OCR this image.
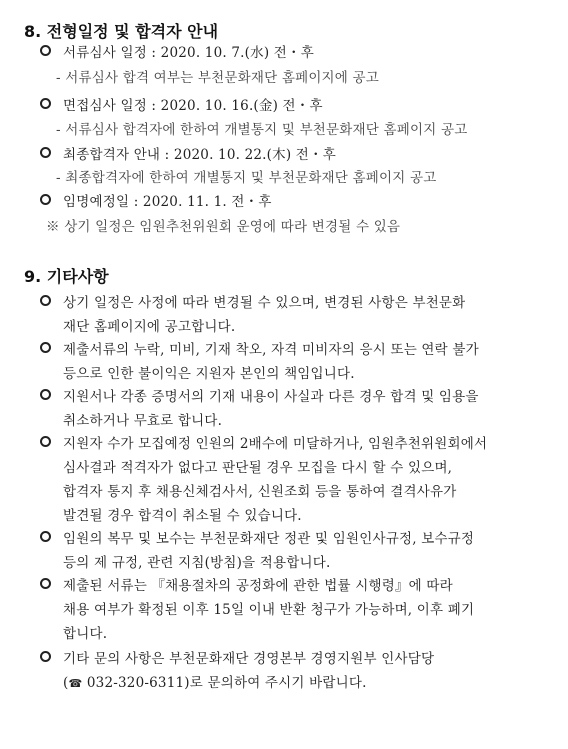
8. 전형일정 및 합격자 안내
서류심사 일정 : 2020. 10. 7.(水) 전・후
- 서류심사 합격 여부는 부천문화재단 홈페이지에 공고
면접심사 일정 : 2020. 10. 16.(金) 전・후
- 서류심사 합격자에 한하여 개별통지 및 부천문화재단 홈페이지 공고
최종합격자 안내 : 2020. 10. 22.(木) 전・후
- 최종합격자에 한하여 개별통지 및 부천문화재단 홈페이지 공고
임명예정일 : 2020. 11. 1. 전・후
※ 상기 일정은 임원추천위원회 운영에 따라 변경될 수 있음
9. 기타사항
상기 일정은 사정에 따라 변경될 수 있으며, 변경된 사항은 부천문화
재단 홈페이지에 공고합니다.
제출서류의 누락, 미비, 기재 착오, 자격 미비자의 응시 또는 연락 불가
등으로 인한 불이익은 지원자 본인의 책임입니다.
지원서나 각종 증명서의 기재 내용이 사실과 다른 경우 합격 및 임용을
취소하거나 무효로 합니다.
지원자 수가 모집예정 인원의 2배수에 미달하거나, 임원추천위원회에서
심사결과 적격자가 없다고 판단될 경우 모집을 다시 할 수 있으며,
합격자 통지 후 채용신체검사서, 신원조회 등을 통하여 결격사유가
발견될 경우 합격이 취소될 수 있습니다.
임원의 복무 및 보수는 부천문화재단 정관 및 임원인사규정, 보수규정
등의 제 규정, 관련 지침(방침)을 적용합니다.
제출된 서류는 『채용절차의 공정화에 관한 법률 시행령』에 따라
채용 여부가 확정된 이후 15일 이내 반환 청구가 가능하며, 이후 폐기
합니다.
기타 문의 사항은 부천문화재단 경영본부 경영지원부 인사담당
(☎ 032-320-6311)로 문의하여 주시기 바랍니다.
